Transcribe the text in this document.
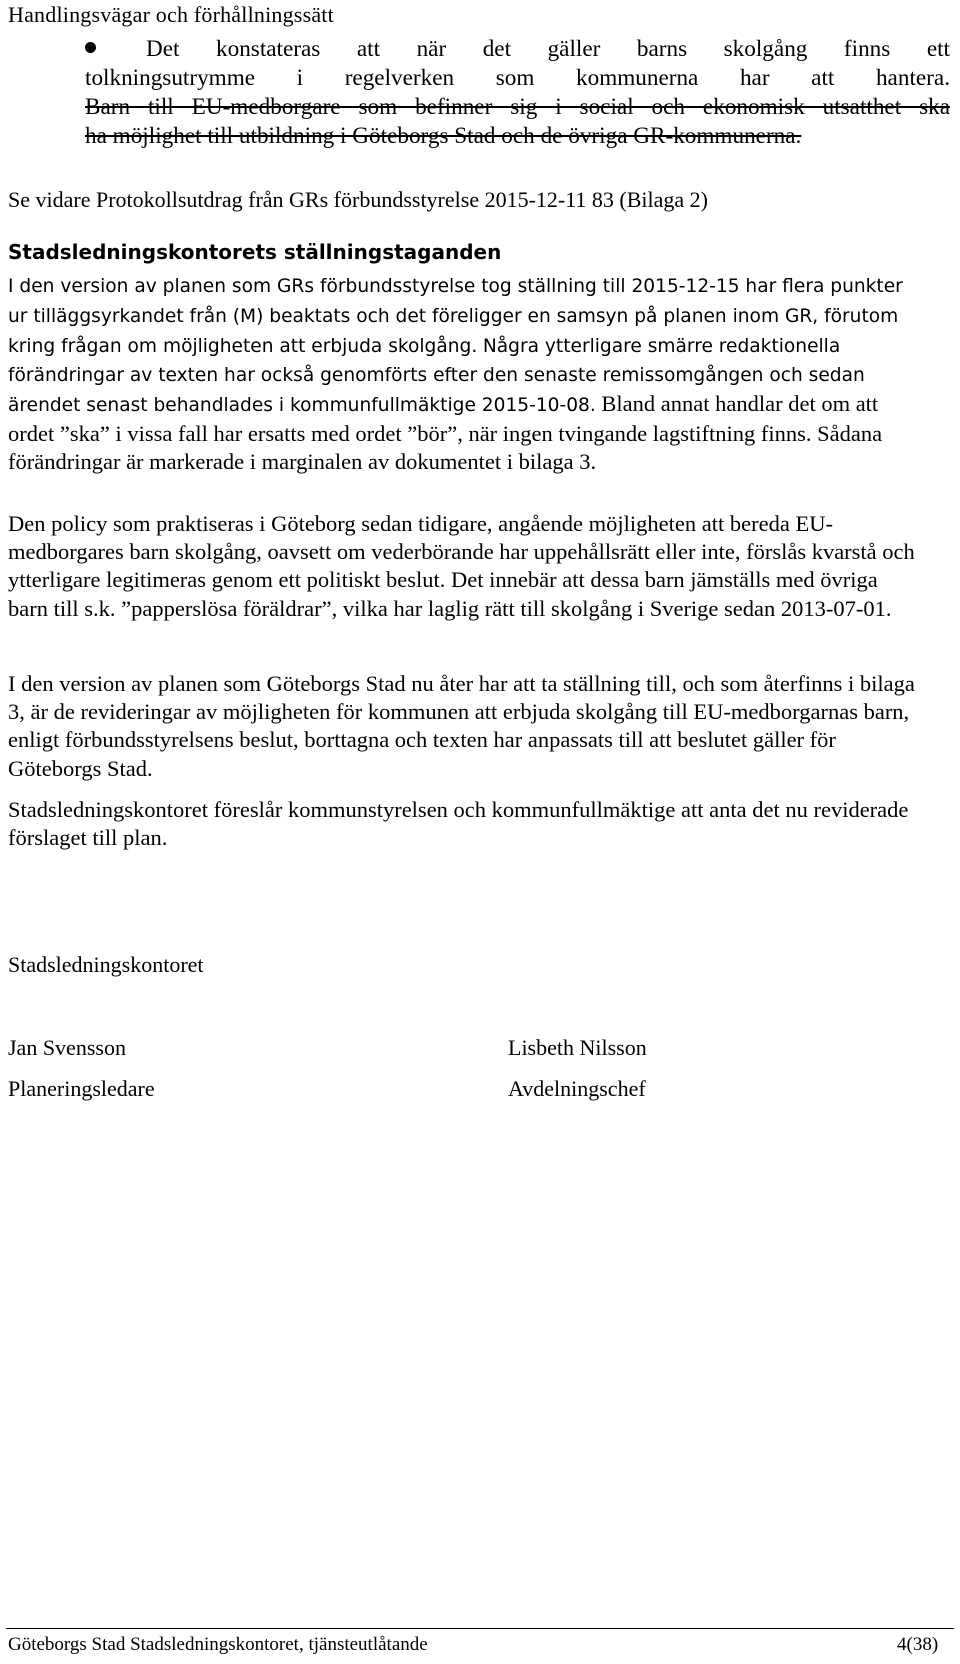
Handlingsvägar och förhållningssätt
Det konstateras att när det gäller barns skolgång finns ett
tolkningsutrymme i regelverken som kommunerna har att hantera.
Barn till EU-medborgare som befinner sig i social och ekonomisk utsatthet ska
ha möjlighet till utbildning i Göteborgs Stad och de övriga GR-kommunerna.
Se vidare Protokollsutdrag från GRs förbundsstyrelse 2015-12-11 83 (Bilaga 2)
Stadsledningskontorets ställningstaganden

I den version av planen som GRs förbundsstyrelse tog ställning till 2015-12-15 har flera punkter ur tilläggsyrkandet från (M) beaktats och det föreligger en samsyn på planen inom GR, förutom kring frågan om möjligheten att erbjuda skolgång. Några ytterligare smärre redaktionella förändringar av texten har också genomförts efter den senaste remissomgången och sedan ärendet senast behandlades i kommunfullmäktige 2015-10-08. Bland annat handlar det om att ordet ”ska” i vissa fall har ersatts med ordet ”bör”, när ingen tvingande lagstiftning finns. Sådana förändringar är markerade i marginalen av dokumentet i bilaga 3.

Den policy som praktiseras i Göteborg sedan tidigare, angående möjligheten att bereda EU-medborgares barn skolgång, oavsett om vederbörande har uppehållsrätt eller inte, förslås kvarstå och ytterligare legitimeras genom ett politiskt beslut. Det innebär att dessa barn jämställs med övriga barn till s.k. ”papperslösa föräldrar”, vilka har laglig rätt till skolgång i Sverige sedan 2013-07-01.

I den version av planen som Göteborgs Stad nu åter har att ta ställning till, och som återfinns i bilaga 3, är de revideringar av möjligheten för kommunen att erbjuda skolgång till EU-medborgarnas barn, enligt förbundsstyrelsens beslut, borttagna och texten har anpassats till att beslutet gäller för Göteborgs Stad.

Stadsledningskontoret föreslår kommunstyrelsen och kommunfullmäktige att anta det nu reviderade förslaget till plan.

Stadsledningskontoret
Jan Svensson
Planeringsledare
Lisbeth Nilsson
Avdelningschef
Göteborgs Stad Stadsledningskontoret, tjänsteutlåtande	4(38)
